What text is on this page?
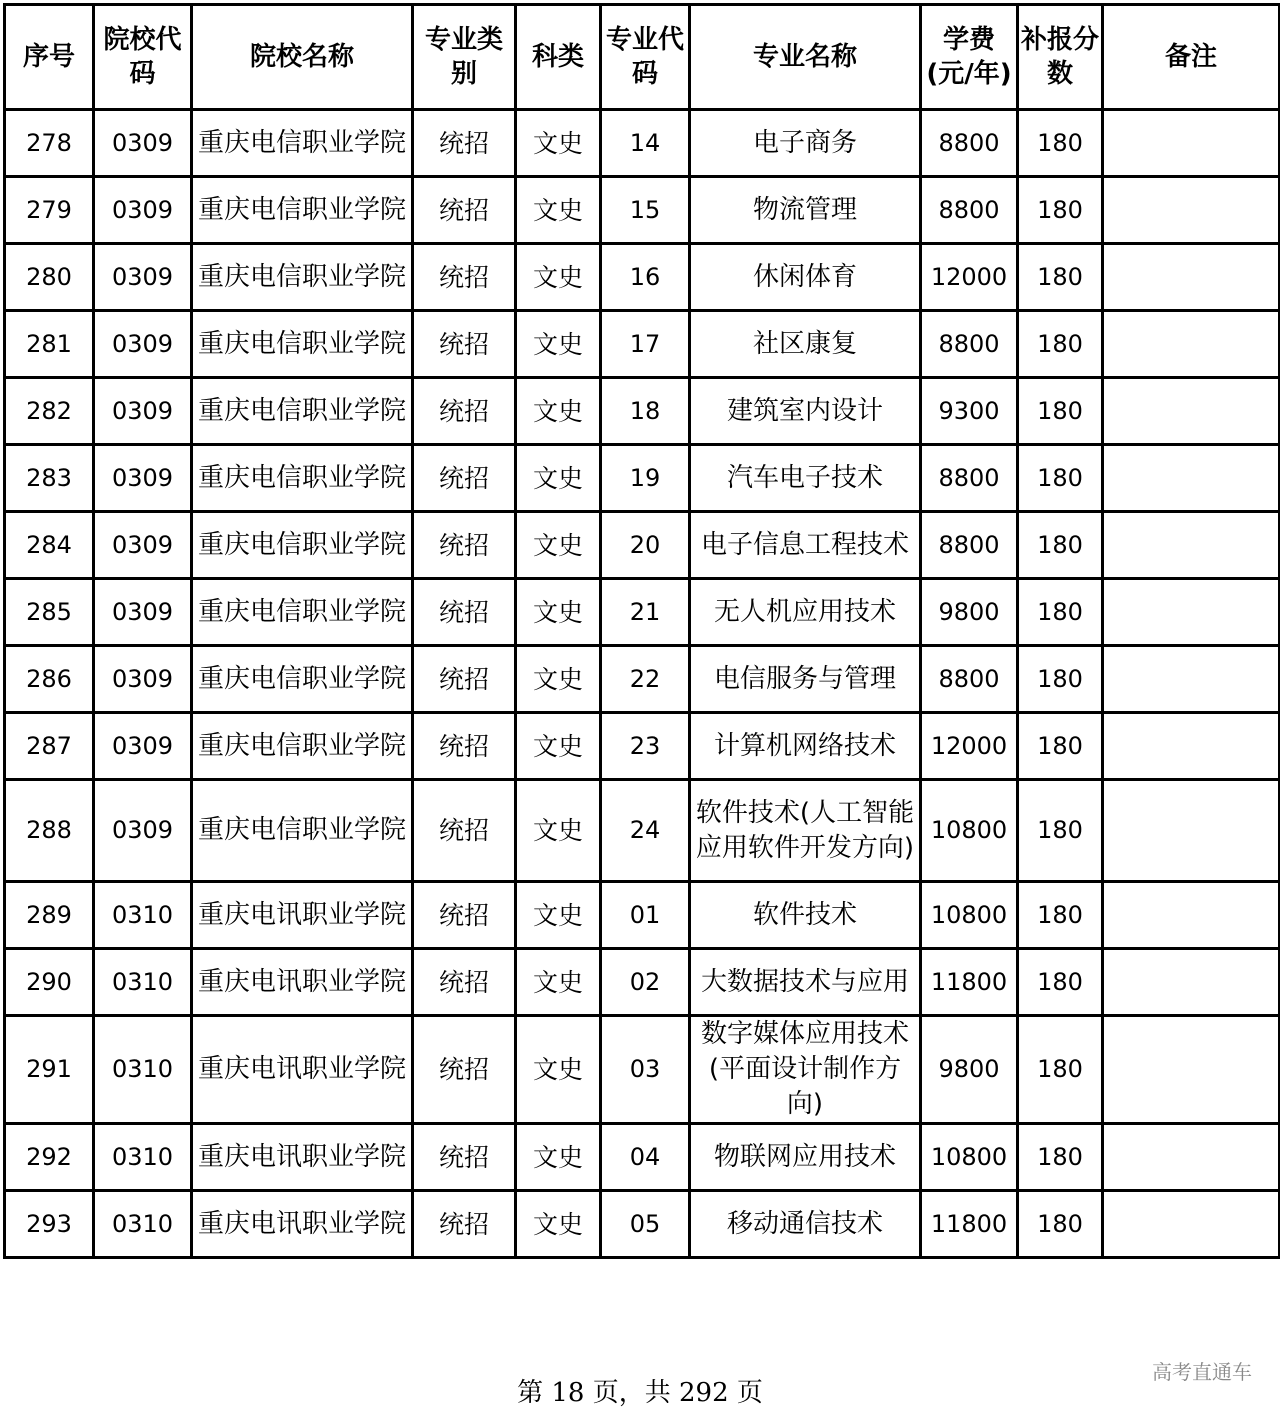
序号	院校代码	院校名称	专业类别	科类	专业代码	专业名称	学费(元/年)	补报分数	备注
278	0309	重庆电信职业学院	统招	文史	14	电子商务	8800	180	
279	0309	重庆电信职业学院	统招	文史	15	物流管理	8800	180	
280	0309	重庆电信职业学院	统招	文史	16	休闲体育	12000	180	
281	0309	重庆电信职业学院	统招	文史	17	社区康复	8800	180	
282	0309	重庆电信职业学院	统招	文史	18	建筑室内设计	9300	180	
283	0309	重庆电信职业学院	统招	文史	19	汽车电子技术	8800	180	
284	0309	重庆电信职业学院	统招	文史	20	电子信息工程技术	8800	180	
285	0309	重庆电信职业学院	统招	文史	21	无人机应用技术	9800	180	
286	0309	重庆电信职业学院	统招	文史	22	电信服务与管理	8800	180	
287	0309	重庆电信职业学院	统招	文史	23	计算机网络技术	12000	180	
288	0309	重庆电信职业学院	统招	文史	24	软件技术(人工智能应用软件开发方向)	10800	180	
289	0310	重庆电讯职业学院	统招	文史	01	软件技术	10800	180	
290	0310	重庆电讯职业学院	统招	文史	02	大数据技术与应用	11800	180	
291	0310	重庆电讯职业学院	统招	文史	03	数字媒体应用技术(平面设计制作方向)	9800	180	
292	0310	重庆电讯职业学院	统招	文史	04	物联网应用技术	10800	180	
293	0310	重庆电讯职业学院	统招	文史	05	移动通信技术	11800	180	
第 18 页，共 292 页
高考直通车
